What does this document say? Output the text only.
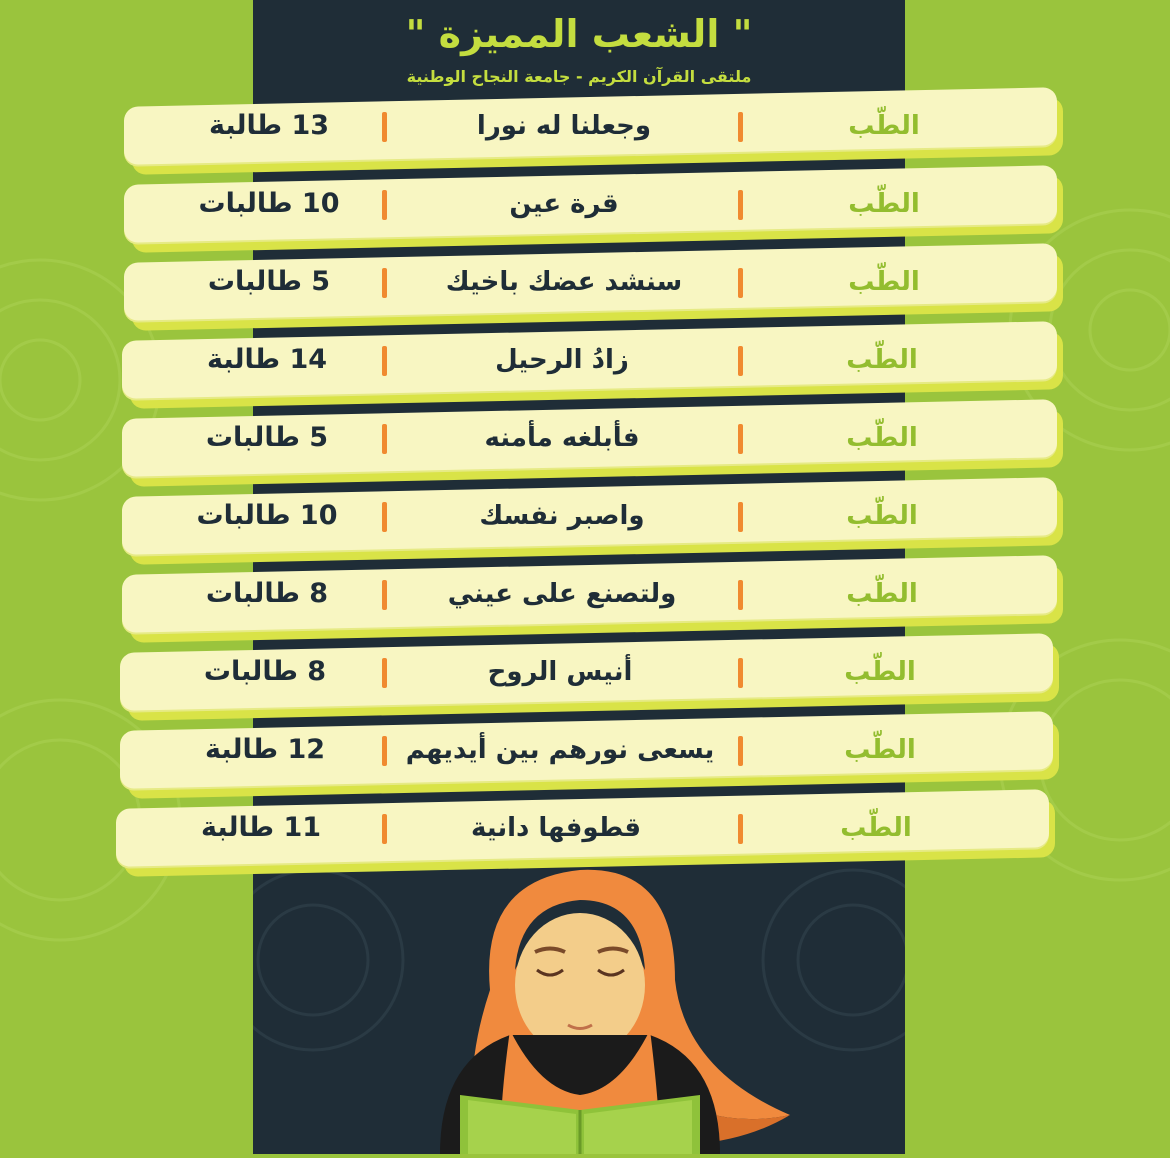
" الشعب المميزة "
ملتقى القرآن الكريم - جامعة النجاح الوطنية
13 طالبة	وجعلنا له نورا	الطّب
10 طالبات	قرة عين	الطّب
5 طالبات	سنشد عضك باخيك	الطّب
14 طالبة	زادُ الرحيل	الطّب
5 طالبات	فأبلغه مأمنه	الطّب
10 طالبات	واصبر نفسك	الطّب
8 طالبات	ولتصنع على عيني	الطّب
8 طالبات	أنيس الروح	الطّب
12 طالبة	يسعى نورهم بين أيديهم	الطّب
11 طالبة	قطوفها دانية	الطّب
